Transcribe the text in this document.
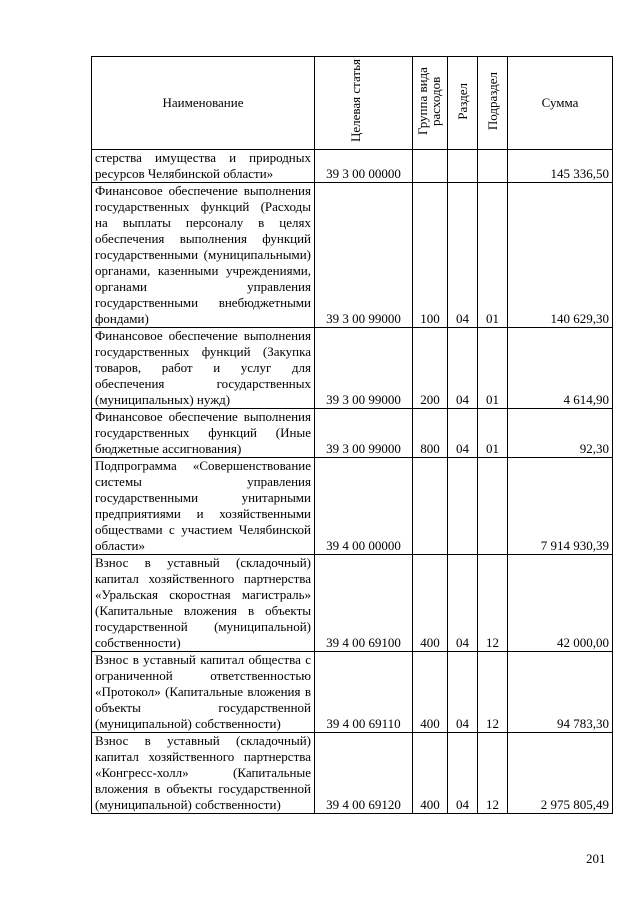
Наименование	Целевая статья	Группа вида расходов	Раздел	Подраздел	Сумма
стерства имущества и природных ресурсов Челябинской области»	39 3 00 00000				145 336,50
Финансовое обеспечение выполнения государственных функций (Расходы на выплаты персоналу в целях обеспечения выполнения функций государственными (муниципальными) органами, казенными учреждениями, органами управления государственными внебюджетными фондами)	39 3 00 99000	100	04	01	140 629,30
Финансовое обеспечение выполнения государственных функций (Закупка товаров, работ и услуг для обеспечения государственных (муниципальных) нужд)	39 3 00 99000	200	04	01	4 614,90
Финансовое обеспечение выполнения государственных функций (Иные бюджетные ассигнования)	39 3 00 99000	800	04	01	92,30
Подпрограмма «Совершенствование системы управления государственными унитарными предприятиями и хозяйственными обществами с участием Челябинской области»	39 4 00 00000				7 914 930,39
Взнос в уставный (складочный) капитал хозяйственного партнерства «Уральская скоростная магистраль» (Капитальные вложения в объекты государственной (муниципальной) собственности)	39 4 00 69100	400	04	12	42 000,00
Взнос в уставный капитал общества с ограниченной ответственностью «Протокол» (Капитальные вложения в объекты государственной (муниципальной) собственности)	39 4 00 69110	400	04	12	94 783,30
Взнос в уставный (складочный) капитал хозяйственного партнерства «Конгресс-холл» (Капитальные вложения в объекты государственной (муниципальной) собственности)	39 4 00 69120	400	04	12	2 975 805,49
201
